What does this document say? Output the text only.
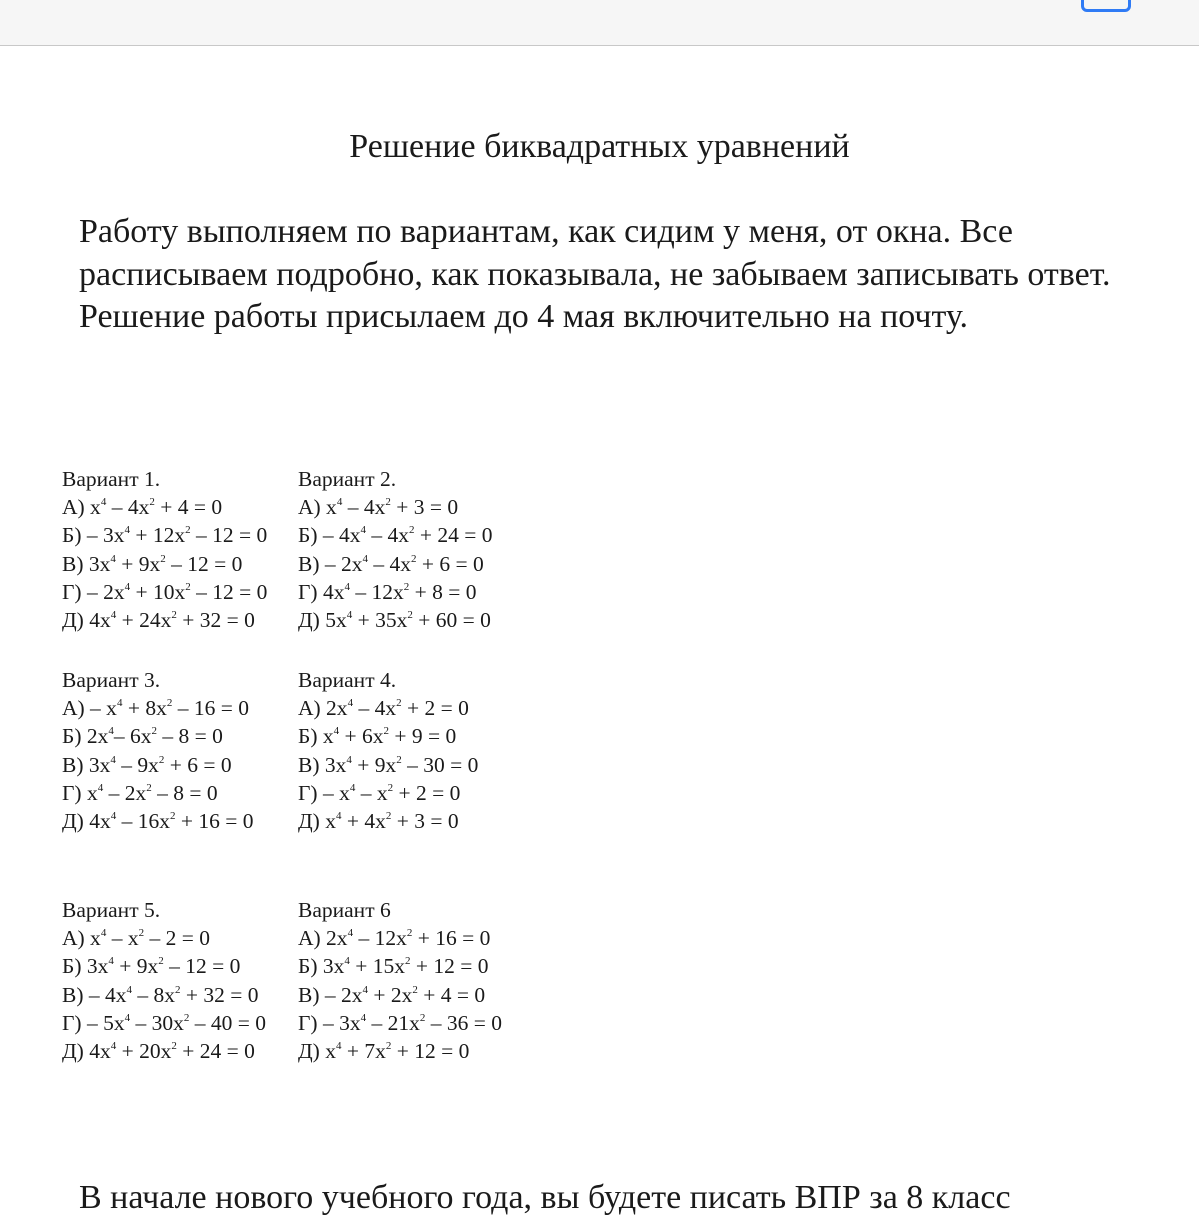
Решение биквадратных уравнений
Работу выполняем по вариантам, как сидим у меня, от окна. Все расписываем подробно, как показывала, не забываем записывать ответ. Решение работы присылаем до 4 мая включительно на почту.
Вариант 1.
А) $x^4 - 4x^2 + 4 = 0$
$Б) - 3x^4 + 12x^2 - 12 = 0$
В) $3x^4 + 9x^2 - 12 = 0$
$Г) - 2x^4 + 10x^2 - 12 = 0$
Д) $4x^4 + 24x^2 + 32 = 0$
Вариант 2.
А) $x^4 - 4x^2 + 3 = 0$
$Б) - 4x^4 - 4x^2 + 24 = 0$
$В) - 2x^4 - 4x^2 + 6 = 0$
Г) $4x^4 - 12x^2 + 8 = 0$
Д) $5x^4 + 35x^2 + 60 = 0$
Вариант 3.
$А) - x^4 + 8x^2 - 16 = 0$
Б) $2x^4-$ $6x^2 - 8 = 0$
В) $3x^4 - 9x^2 + 6 = 0$
Г) $x^4 - 2x^2 - 8 = 0$
Д) $4x^4 - 16x^2 + 16 = 0$
Вариант 4.
А) $2x^4 - 4x^2 + 2 = 0$
Б) $x^4 + 6x^2 + 9 = 0$
В) $3x^4 + 9x^2 - 30 = 0$
$Г) - x^4 - x^2 + 2 = 0$
Д) $x^4 + 4x^2 + 3 = 0$
Вариант 5.
А) $x^4 - x^2 - 2 = 0$
Б) $3x^4 + 9x^2 - 12 = 0$
$В) - 4x^4 - 8x^2 + 32 = 0$
$Г) - 5x^4 - 30x^2 - 40 = 0$
Д) $4x^4 + 20x^2 + 24 = 0$
Вариант 6
А) $2x^4 - 12x^2 + 16 = 0$
Б) $3x^4 + 15x^2 + 12 = 0$
$В) - 2x^4 + 2x^2 + 4 = 0$
$Г) - 3x^4 - 21x^2 - 36 = 0$
Д) $x^4 + 7x^2 + 12 = 0$
В начале нового учебного года, вы будете писать ВПР за 8 класс
